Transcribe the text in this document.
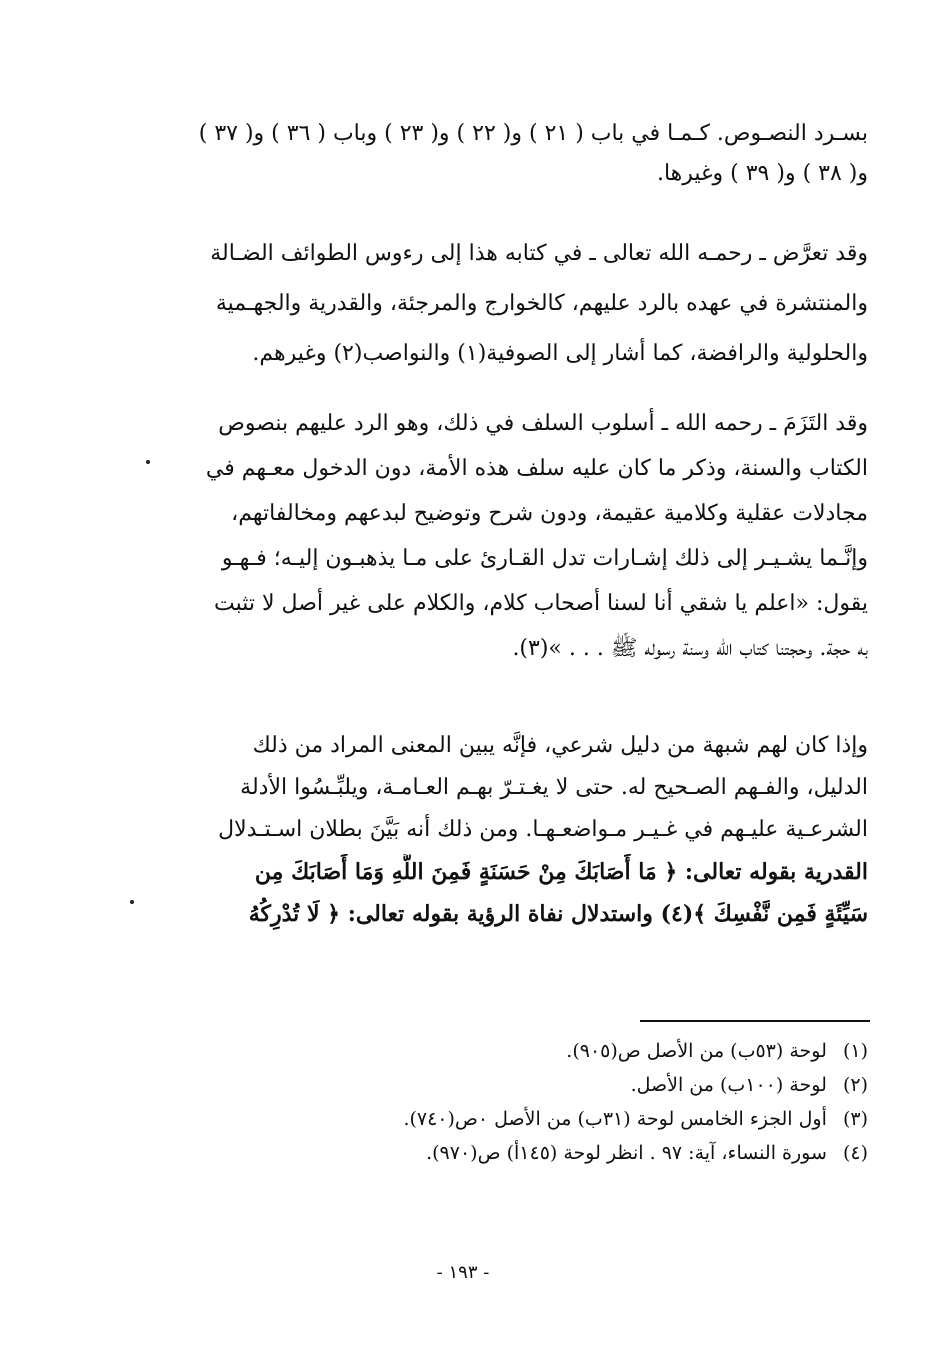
بسـرد النصـوص. كـمـا في باب ( ٢١ ) و( ٢٢ ) و( ٢٣ ) وباب ( ٣٦ ) و( ٣٧ )
و( ٣٨ ) و( ٣٩ ) وغيرها.
وقد تعرَّض ـ رحمـه الله تعالى ـ في كتابه هذا إلى رءوس الطوائف الضـالة
والمنتشرة في عهده بالرد عليهم، كالخوارج والمرجئة، والقدرية والجهـمية
والحلولية والرافضة، كما أشار إلى الصوفية(١) والنواصب(٢) وغيرهم.
وقد التَزَمَ ـ رحمه الله ـ أسلوب السلف في ذلك، وهو الرد عليهم بنصوص
الكتاب والسنة، وذكر ما كان عليه سلف هذه الأمة، دون الدخول معـهم في
مجادلات عقلية وكلامية عقيمة، ودون شرح وتوضيح لبدعهم ومخالفاتهم،
وإنَّـما يشـيـر إلى ذلك إشـارات تدل القـارئ على مـا يذهبـون إليـه؛ فـهـو
يقول: «اعلم يا شقي أنا لسنا أصحاب كلام، والكلام على غير أصل لا تثبت
به حجة. وحجتنا كتاب الله وسنة رسوله ﷺ . . . »(٣).
وإذا كان لهم شبهة من دليل شرعي، فإنَّه يبين المعنى المراد من ذلك
الدليل، والفـهم الصـحيح له. حتى لا يغـتـرّ بهـم العـامـة، ويلبِّـسُوا الأدلة
الشرعـية عليـهم في غـيـر مـواضعـهـا. ومن ذلك أنه بَيَّنَ بطلان اسـتـدلال
القدرية بقوله تعالى: ﴿ مَا أَصَابَكَ مِنْ حَسَنَةٍ فَمِنَ اللَّهِ وَمَا أَصَابَكَ مِن
سَيِّئَةٍ فَمِن نَّفْسِكَ ﴾(٤) واستدلال نفاة الرؤية بقوله تعالى: ﴿ لَا تُدْرِكُهُ
(١) لوحة (٥٣ب) من الأصل ص(٩٠٥).
(٢) لوحة (١٠٠ب) من الأصل.
(٣) أول الجزء الخامس لوحة (٣١ب) من الأصل ٠ص(٧٤٠).
(٤) سورة النساء، آية: ٩٧ . انظر لوحة (١٤٥أ) ص(٩٧٠).
- ١٩٣ -
